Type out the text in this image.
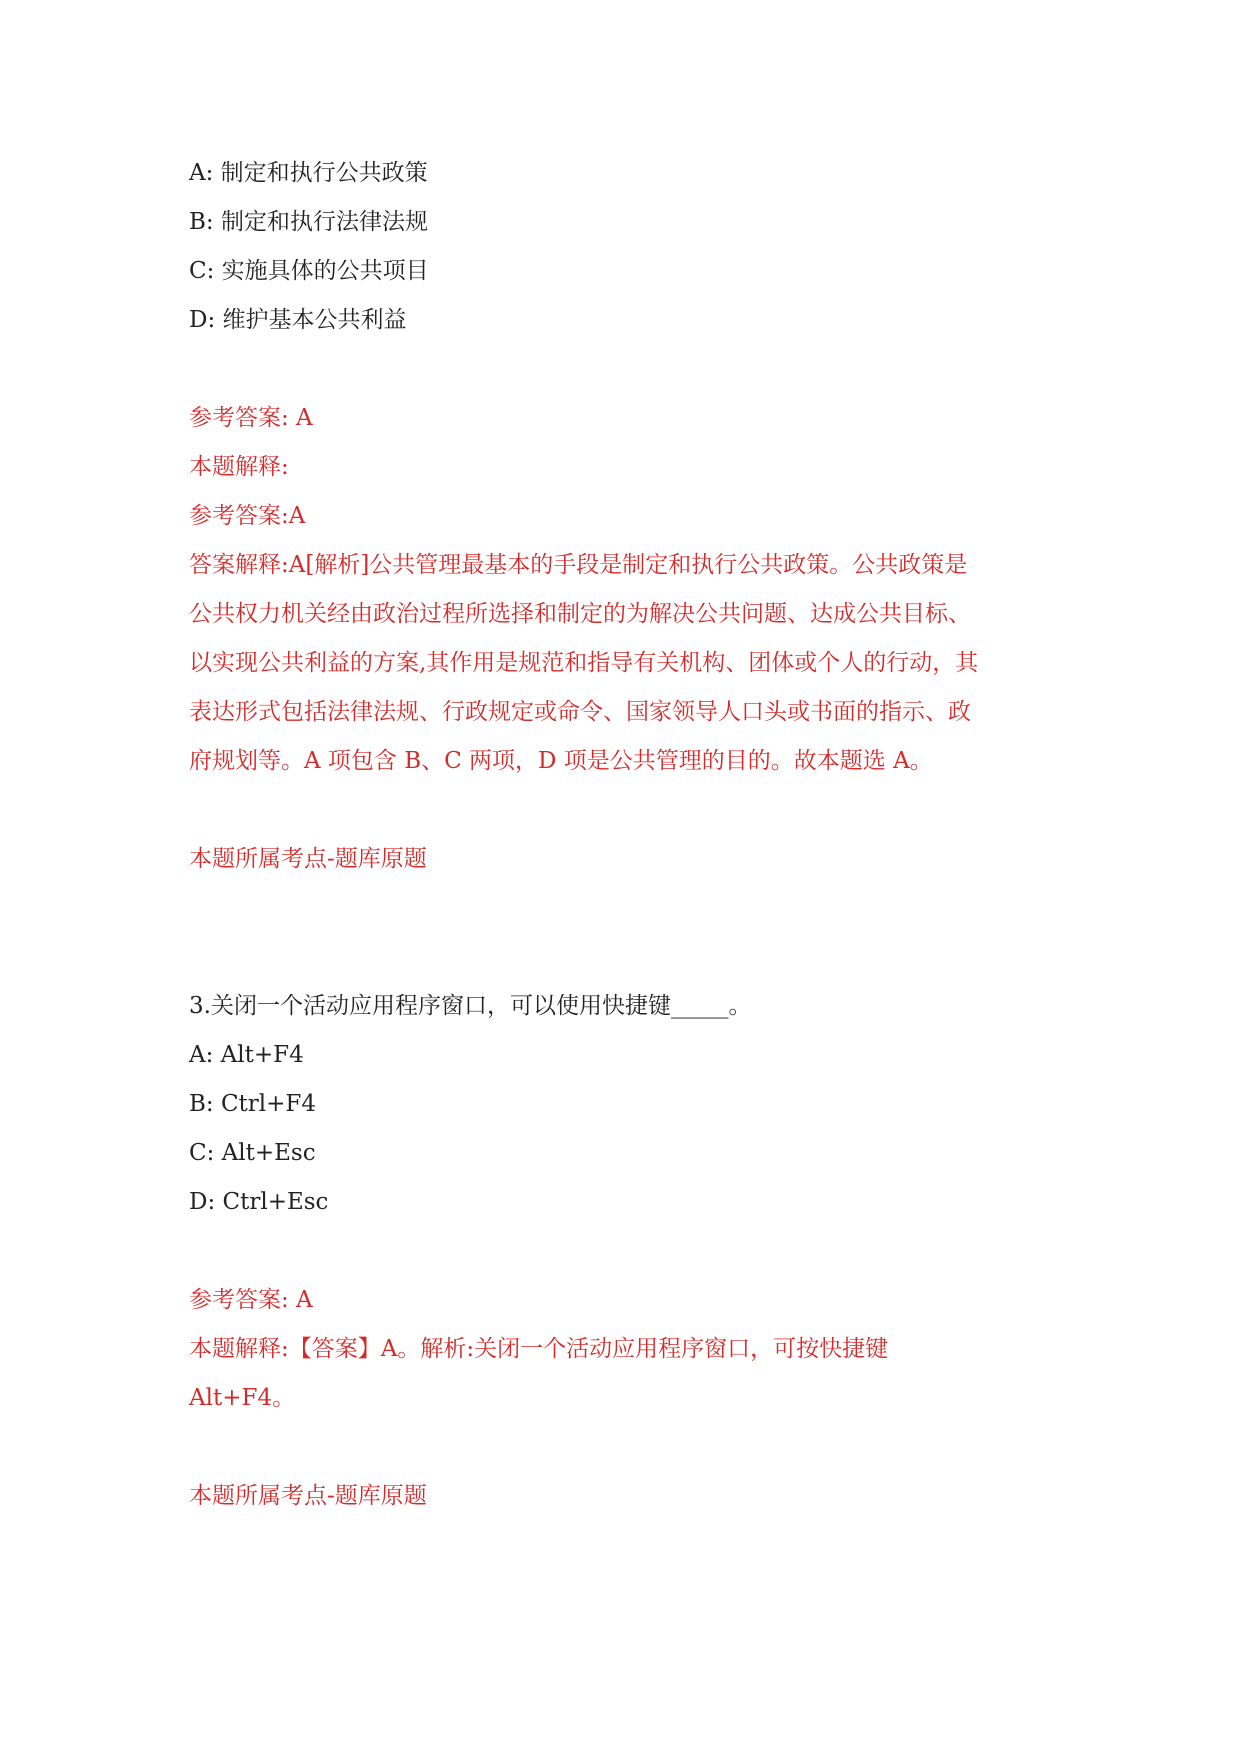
A: 制定和执行公共政策
B: 制定和执行法律法规
C: 实施具体的公共项目
D: 维护基本公共利益
参考答案: A
本题解释:
参考答案:A
答案解释:A[解析]公共管理最基本的手段是制定和执行公共政策。公共政策是
公共权力机关经由政治过程所选择和制定的为解决公共问题、达成公共目标、
以实现公共利益的方案,其作用是规范和指导有关机构、团体或个人的行动，其
表达形式包括法律法规、行政规定或命令、国家领导人口头或书面的指示、政
府规划等。A 项包含 B、C 两项，D 项是公共管理的目的。故本题选 A。
本题所属考点-题库原题
3.关闭一个活动应用程序窗口，可以使用快捷键_____。
A: Alt+F4
B: Ctrl+F4
C: Alt+Esc
D: Ctrl+Esc
参考答案: A
本题解释:【答案】A。解析:关闭一个活动应用程序窗口，可按快捷键
Alt+F4。
本题所属考点-题库原题
